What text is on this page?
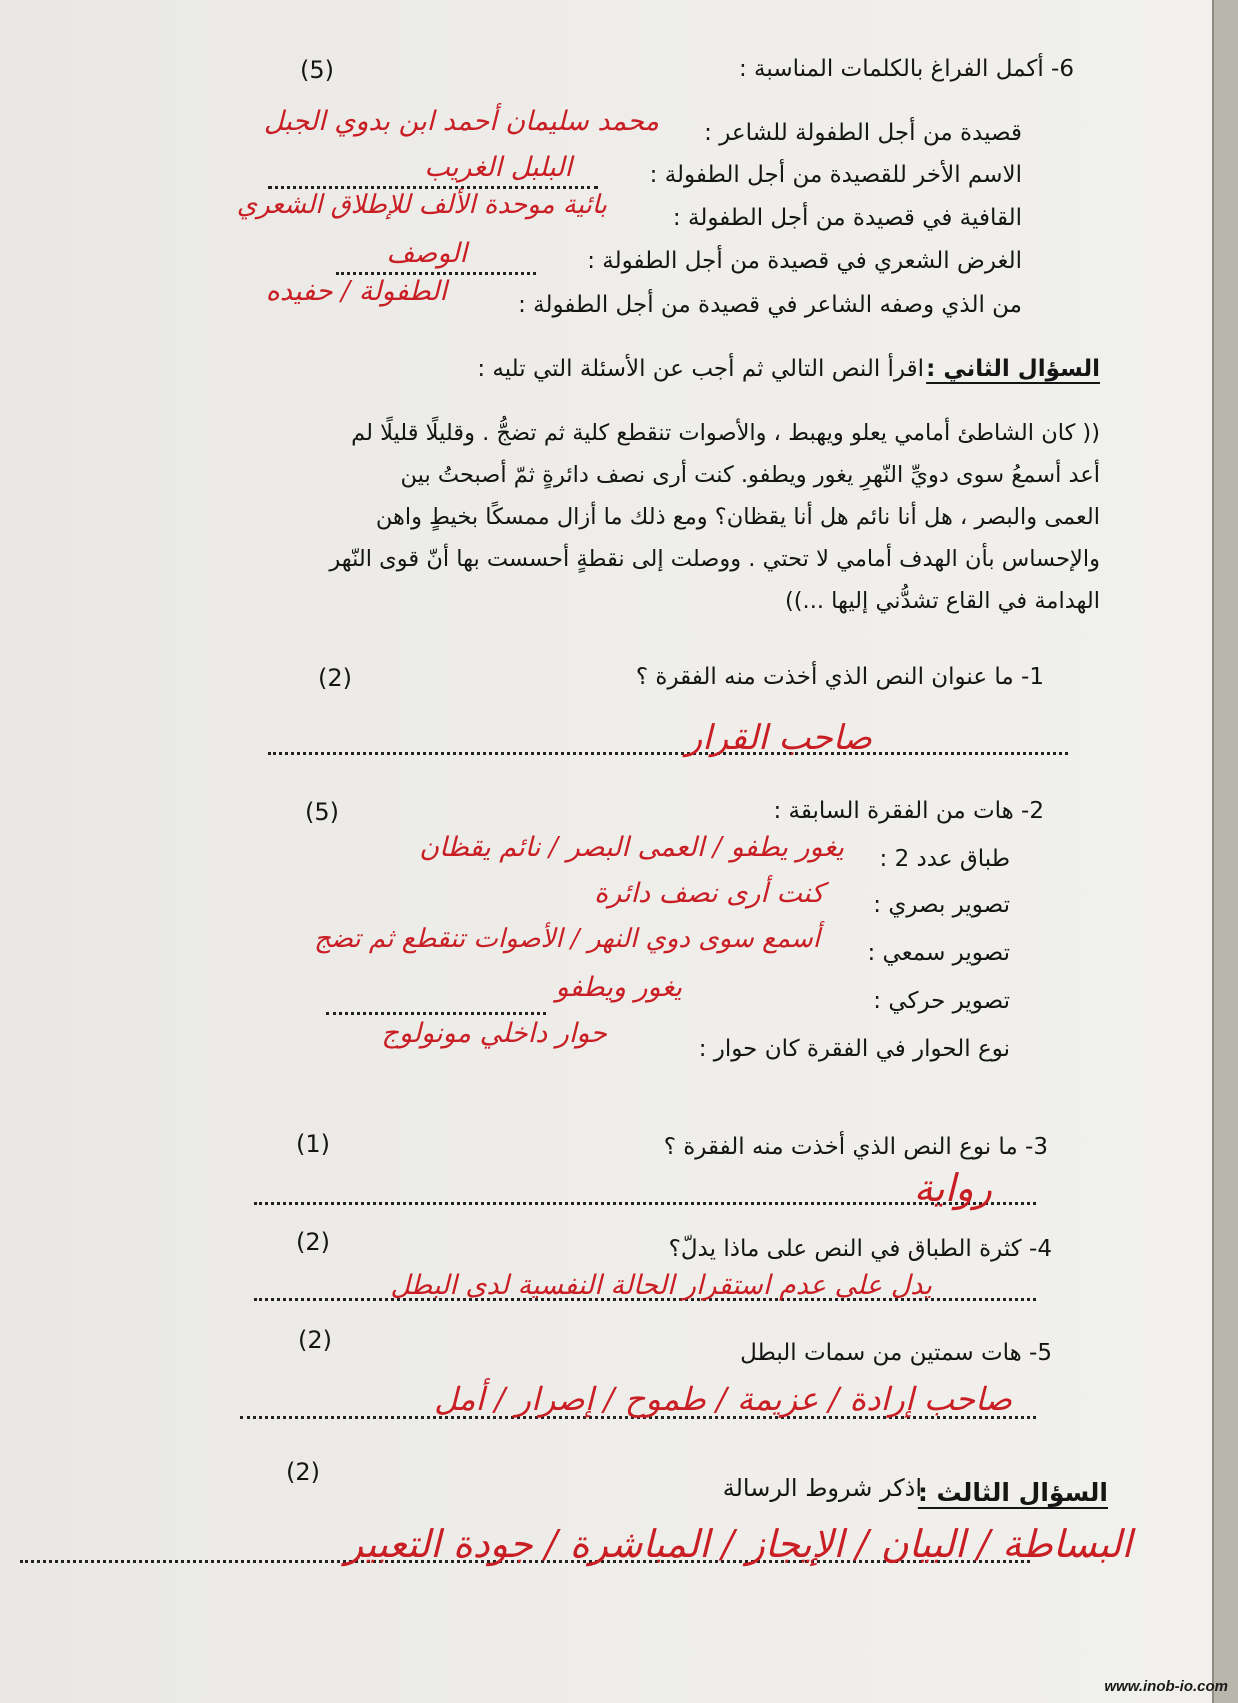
6- أكمل الفراغ بالكلمات المناسبة :
(5)
قصيدة من أجل الطفولة للشاعر :
محمد سليمان أحمد ابن بدوي الجبل
الاسم الأخر للقصيدة من أجل الطفولة :
البلبل الغريب
القافية في قصيدة من أجل الطفولة :
بائية موحدة الألف للإطلاق الشعري
الغرض الشعري في قصيدة من أجل الطفولة :
الوصف
من الذي وصفه الشاعر في قصيدة من أجل الطفولة :
الطفولة / حفيده
السؤال الثاني :
اقرأ النص التالي ثم أجب عن الأسئلة التي تليه :
(( كان الشاطئ أمامي يعلو ويهبط ، والأصوات تنقطع كلية ثم تضجُّ . وقليلًا قليلًا لم
أعد أسمعُ سوى دويِّ النّهرِ يغور ويطفو. كنت أرى نصف دائرةٍ ثمّ أصبحتُ بين
العمى والبصر ، هل أنا نائم هل أنا يقظان؟ ومع ذلك ما أزال ممسكًا بخيطٍ واهن
والإحساس بأن الهدف أمامي لا تحتي . ووصلت إلى نقطةٍ أحسست بها أنّ قوى النّهر
الهدامة في القاع تشدُّني إليها ...))
1- ما عنوان النص الذي أخذت منه الفقرة ؟
(2)
صاحب القرار
2- هات من الفقرة السابقة :
(5)
طباق عدد 2 :
يغور يطفو / العمى البصر / نائم يقظان
تصوير بصري :
كنت أرى نصف دائرة
تصوير سمعي :
أسمع سوى دوي النهر / الأصوات تنقطع ثم تضج
تصوير حركي :
يغور ويطفو
نوع الحوار في الفقرة كان حوار :
حوار داخلي مونولوج
3- ما نوع النص الذي أخذت منه الفقرة ؟
(1)
رواية
4- كثرة الطباق في النص على ماذا يدلّ؟
(2)
يدل على عدم استقرار الحالة النفسية لدى البطل
5- هات سمتين من سمات البطل
(2)
صاحب إرادة / عزيمة / طموح / إصرار / أمل
السؤال الثالث :
اذكر شروط الرسالة
(2)
البساطة / البيان / الإيجاز / المباشرة / جودة التعبير
www.inob-io.com
